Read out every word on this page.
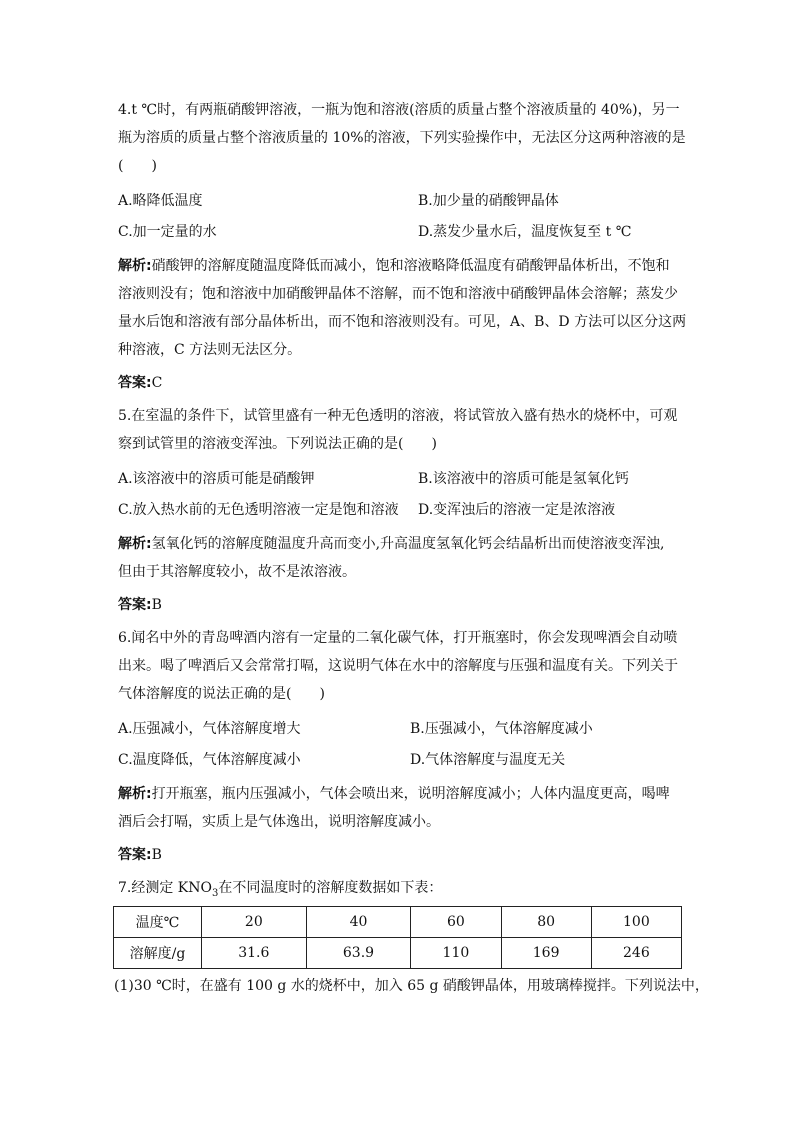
4.t ℃时，有两瓶硝酸钾溶液，一瓶为饱和溶液(溶质的质量占整个溶液质量的 40%)，另一
瓶为溶质的质量占整个溶液质量的 10%的溶液，下列实验操作中，无法区分这两种溶液的是
(　　)

A.略降低温度	B.加少量的硝酸钾晶体
C.加一定量的水	D.蒸发少量水后，温度恢复至 t ℃
解析:硝酸钾的溶解度随温度降低而减小，饱和溶液略降低温度有硝酸钾晶体析出，不饱和
溶液则没有；饱和溶液中加硝酸钾晶体不溶解，而不饱和溶液中硝酸钾晶体会溶解；蒸发少
量水后饱和溶液有部分晶体析出，而不饱和溶液则没有。可见，A、B、D 方法可以区分这两
种溶液，C 方法则无法区分。
答案:C

5.在室温的条件下，试管里盛有一种无色透明的溶液，将试管放入盛有热水的烧杯中，可观
察到试管里的溶液变浑浊。下列说法正确的是(　　)

A.该溶液中的溶质可能是硝酸钾	B.该溶液中的溶质可能是氢氧化钙
C.放入热水前的无色透明溶液一定是饱和溶液	D.变浑浊后的溶液一定是浓溶液
解析:氢氧化钙的溶解度随温度升高而变小,升高温度氢氧化钙会结晶析出而使溶液变浑浊,
但由于其溶解度较小，故不是浓溶液。
答案:B

6.闻名中外的青岛啤酒内溶有一定量的二氧化碳气体，打开瓶塞时，你会发现啤酒会自动喷
出来。喝了啤酒后又会常常打嗝，这说明气体在水中的溶解度与压强和温度有关。下列关于
气体溶解度的说法正确的是(　　)

A.压强减小，气体溶解度增大	B.压强减小，气体溶解度减小
C.温度降低，气体溶解度减小	D.气体溶解度与温度无关
解析:打开瓶塞，瓶内压强减小，气体会喷出来，说明溶解度减小；人体内温度更高，喝啤
酒后会打嗝，实质上是气体逸出，说明溶解度减小。
答案:B
7.经测定 $KNO_3$在不同温度时的溶解度数据如下表：
温度℃	20	40	60	80	100
溶解度/g	31.6	63.9	110	169	246
(1)30 ℃时，在盛有 100 g 水的烧杯中，加入 65 g 硝酸钾晶体，用玻璃棒搅拌。下列说法中，
